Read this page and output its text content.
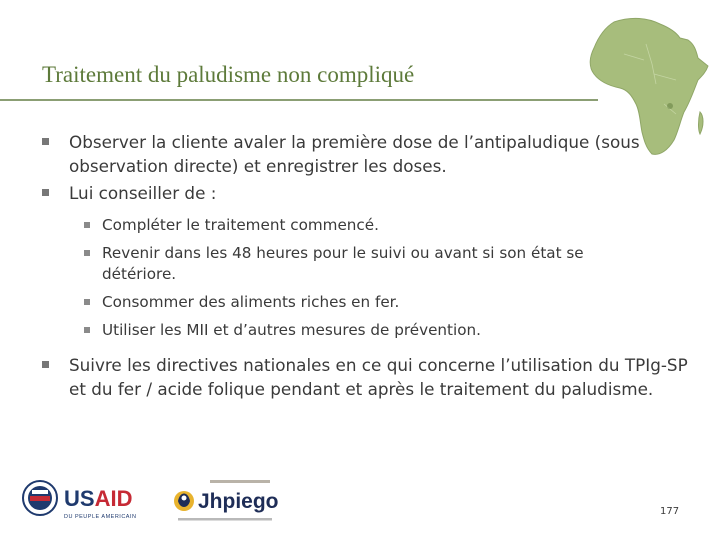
Traitement du paludisme non compliqué
Observer la cliente avaler la première dose de l’antipaludique (sous observation directe) et enregistrer les doses.
Lui conseiller de :
Compléter le traitement commencé.
Revenir dans les 48 heures pour le suivi ou avant si son état se détériore.
Consommer des aliments riches en fer.
Utiliser les MII et d’autres mesures de prévention.
Suivre les directives nationales en ce qui concerne l’utilisation du TPIg-SP et du fer / acide folique pendant et après le traitement du paludisme.
USAID
DU PEUPLE AMERICAIN
Jhpiego	177
